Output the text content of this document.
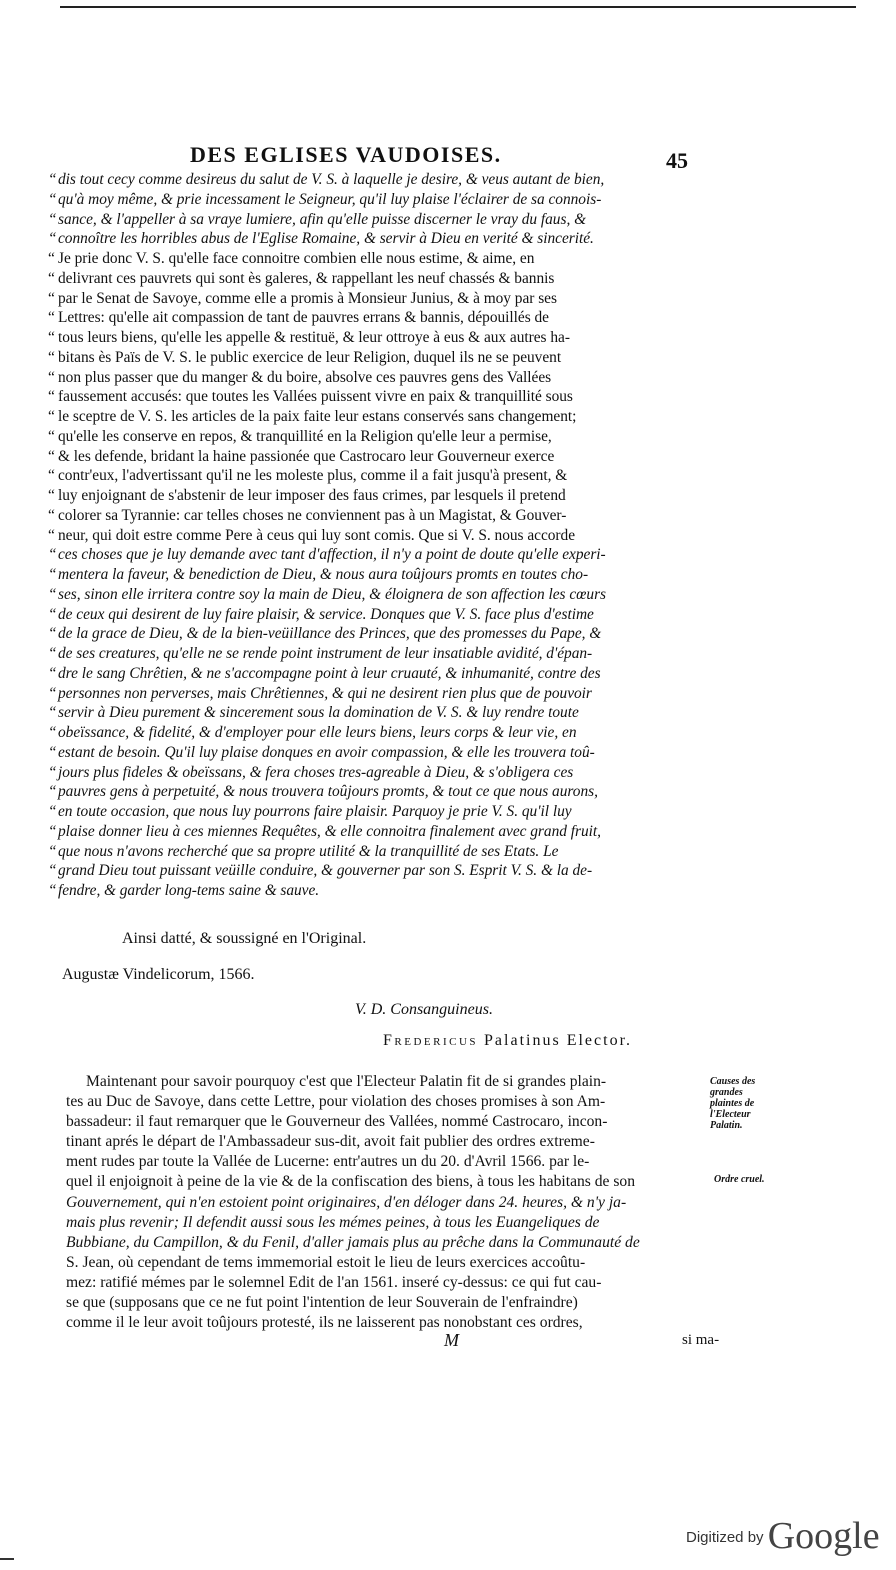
DES EGLISES VAUDOISES.	45
“ dis tout cecy comme desireus du salut de V. S. à laquelle je desire, & veus autant de bien,
“ qu'à moy même, & prie incessament le Seigneur, qu'il luy plaise l'éclairer de sa connois-
“ sance, & l'appeller à sa vraye lumiere, afin qu'elle puisse discerner le vray du faus, &
“ connoître les horribles abus de l'Eglise Romaine, & servir à Dieu en verité & sincerité.
“ Je prie donc V. S. qu'elle face connoitre combien elle nous estime, & aime, en
“ delivrant ces pauvrets qui sont ès galeres, & rappellant les neuf chassés & bannis
“ par le Senat de Savoye, comme elle a promis à Monsieur Junius, & à moy par ses
“ Lettres: qu'elle ait compassion de tant de pauvres errans & bannis, dépouillés de
“ tous leurs biens, qu'elle les appelle & restituë, & leur ottroye à eus & aux autres ha-
“ bitans ès Païs de V. S. le public exercice de leur Religion, duquel ils ne se peuvent
“ non plus passer que du manger & du boire, absolve ces pauvres gens des Vallées
“ faussement accusés: que toutes les Vallées puissent vivre en paix & tranquillité sous
“ le sceptre de V. S. les articles de la paix faite leur estans conservés sans changement;
“ qu'elle les conserve en repos, & tranquillité en la Religion qu'elle leur a permise,
“ & les defende, bridant la haine passionée que Castrocaro leur Gouverneur exerce
“ contr'eux, l'advertissant qu'il ne les moleste plus, comme il a fait jusqu'à present, &
“ luy enjoignant de s'abstenir de leur imposer des faus crimes, par lesquels il pretend
“ colorer sa Tyrannie: car telles choses ne conviennent pas à un Magistat, & Gouver-
“ neur, qui doit estre comme Pere à ceus qui luy sont comis. Que si V. S. nous accorde
“ ces choses que je luy demande avec tant d'affection, il n'y a point de doute qu'elle experi-
“ mentera la faveur, & benediction de Dieu, & nous aura toûjours promts en toutes cho-
“ ses, sinon elle irritera contre soy la main de Dieu, & éloignera de son affection les cœurs
“ de ceux qui desirent de luy faire plaisir, & service. Donques que V. S. face plus d'estime
“ de la grace de Dieu, & de la bien-veüillance des Princes, que des promesses du Pape, &
“ de ses creatures, qu'elle ne se rende point instrument de leur insatiable avidité, d'épan-
“ dre le sang Chrêtien, & ne s'accompagne point à leur cruauté, & inhumanité, contre des
“ personnes non perverses, mais Chrêtiennes, & qui ne desirent rien plus que de pouvoir
“ servir à Dieu purement & sincerement sous la domination de V. S. & luy rendre toute
“ obeïssance, & fidelité, & d'employer pour elle leurs biens, leurs corps & leur vie, en
“ estant de besoin. Qu'il luy plaise donques en avoir compassion, & elle les trouvera toû-
“ jours plus fideles & obeïssans, & fera choses tres-agreable à Dieu, & s'obligera ces
“ pauvres gens à perpetuité, & nous trouvera toûjours promts, & tout ce que nous aurons,
“ en toute occasion, que nous luy pourrons faire plaisir. Parquoy je prie V. S. qu'il luy
“ plaise donner lieu à ces miennes Requêtes, & elle connoitra finalement avec grand fruit,
“ que nous n'avons recherché que sa propre utilité & la tranquillité de ses Etats. Le
“ grand Dieu tout puissant veüille conduire, & gouverner par son S. Esprit V. S. & la de-
“ fendre, & garder long-tems saine & sauve.
Ainsi datté, & soussigné en l'Original.
Augustæ Vindelicorum, 1566.
V. D. Consanguineus.
Fredericus Palatinus Elector.
Maintenant pour savoir pourquoy c'est que l'Electeur Palatin fit de si grandes plain-
tes au Duc de Savoye, dans cette Lettre, pour violation des choses promises à son Am-
bassadeur: il faut remarquer que le Gouverneur des Vallées, nommé Castrocaro, incon-
tinant aprés le départ de l'Ambassadeur sus-dit, avoit fait publier des ordres extreme-
ment rudes par toute la Vallée de Lucerne: entr'autres un du 20. d'Avril 1566. par le-
quel il enjoignoit à peine de la vie & de la confiscation des biens, à tous les habitans de son
Gouvernement, qui n'en estoient point originaires, d'en déloger dans 24. heures, & n'y ja-
mais plus revenir; Il defendit aussi sous les mémes peines, à tous les Euangeliques de
Bubbiane, du Campillon, & du Fenil, d'aller jamais plus au prêche dans la Communauté de
S. Jean, où cependant de tems immemorial estoit le lieu de leurs exercices accoûtu-
mez: ratifié mémes par le solemnel Edit de l'an 1561. inseré cy-dessus: ce qui fut cau-
se que (supposans que ce ne fut point l'intention de leur Souverain de l'enfraindre)
comme il le leur avoit toûjours protesté, ils ne laisserent pas nonobstant ces ordres,
Causes des
grandes
plaintes de
l'Electeur
Palatin.
Ordre cruel.
M	si ma-
Digitized by Google
